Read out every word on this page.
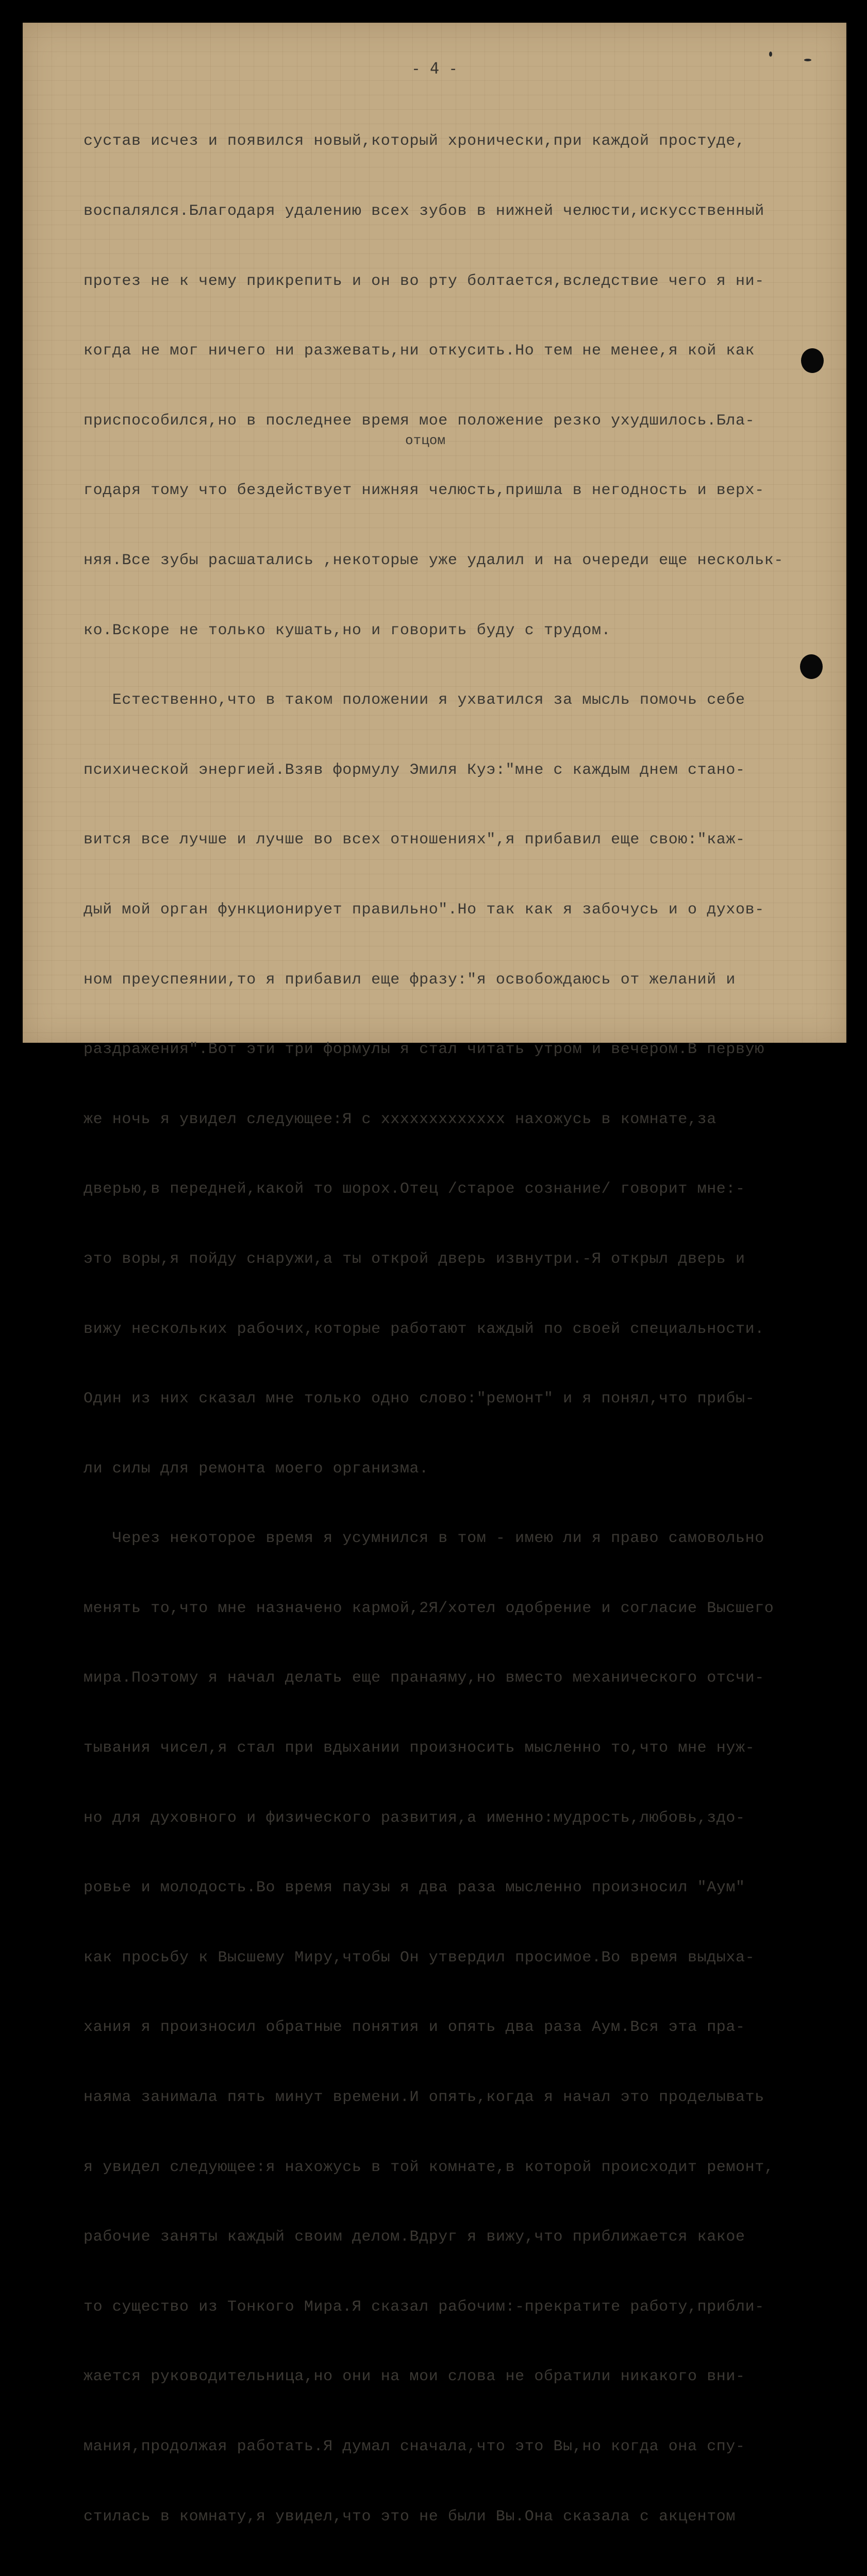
- 4 -

сустав исчез и появился новый,который хронически,при каждой простуде,

воспалялся.Благодаря удалению всех зубов в нижней челюсти,искусственный

протез не к чему прикрепить и он во рту болтается,вследствие чего я ни-

когда не мог ничего ни разжевать,ни откусить.Но тем не менее,я кой как

приспособился,но в последнее время мое положение резко ухудшилось.Бла-

годаря тому что бездействует нижняя челюсть,пришла в негодность и верх-

няя.Все зубы расшатались ,некоторые уже удалил и на очереди еще нескольк-

ко.Вскоре не только кушать,но и говорить буду с трудом.

Естественно,что в таком положении я ухватился за мысль помочь себе

психической энергией.Взяв формулу Эмиля Куэ:"мне с каждым днем стано-

вится все лучше и лучше во всех отношениях",я прибавил еще свою:"каж-

дый мой орган функционирует правильно".Но так как я забочусь и о духов-

ном преуспеянии,то я прибавил еще фразу:"я освобождаюсь от желаний и

раздражения".Вот эти три формулы я стал читать утром и вечером.В первую

же ночь я увидел следующее:Я с xxxxxxxxxxxxx нахожусь в комнате,за

дверью,в передней,какой то шорох.Отец /старое сознание/ говорит мне:-

это воры,я пойду снаружи,а ты открой дверь извнутри.-Я открыл дверь и

вижу нескольких рабочих,которые работают каждый по своей специальности.

Один из них сказал мне только одно слово:"ремонт" и я понял,что прибы-

ли силы для ремонта моего организма.

Через некоторое время я усумнился в том - имею ли я право самовольно

менять то,что мне назначено кармой,2Я/хотел одобрение и согласие Высшего

мира.Поэтому я начал делать еще пранаяму,но вместо механического отсчи-

тывания чисел,я стал при вдыхании произносить мысленно то,что мне нуж-

но для духовного и физического развития,а именно:мудрость,любовь,здо-

ровье и молодость.Во время паузы я два раза мысленно произносил "Аум"

как просьбу к Высшему Миру,чтобы Он утвердил просимое.Во время выдыха-

хания я произносил обратные понятия и опять два раза Аум.Вся эта пра-

наяма занимала пять минут времени.И опять,когда я начал это проделывать

я увидел следующее:я нахожусь в той комнате,в которой происходит ремонт,

рабочие заняты каждый своим делом.Вдруг я вижу,что приближается какое

то существо из Тонкого Мира.Я сказал рабочим:-прекратите работу,прибли-

жается руководительница,но они на мои слова не обратили никакого вни-

мания,продолжая работать.Я думал сначала,что это Вы,но когда она спу-

стилась в комнату,я увидел,что это не были Вы.Она сказала с акцентом

отцом
